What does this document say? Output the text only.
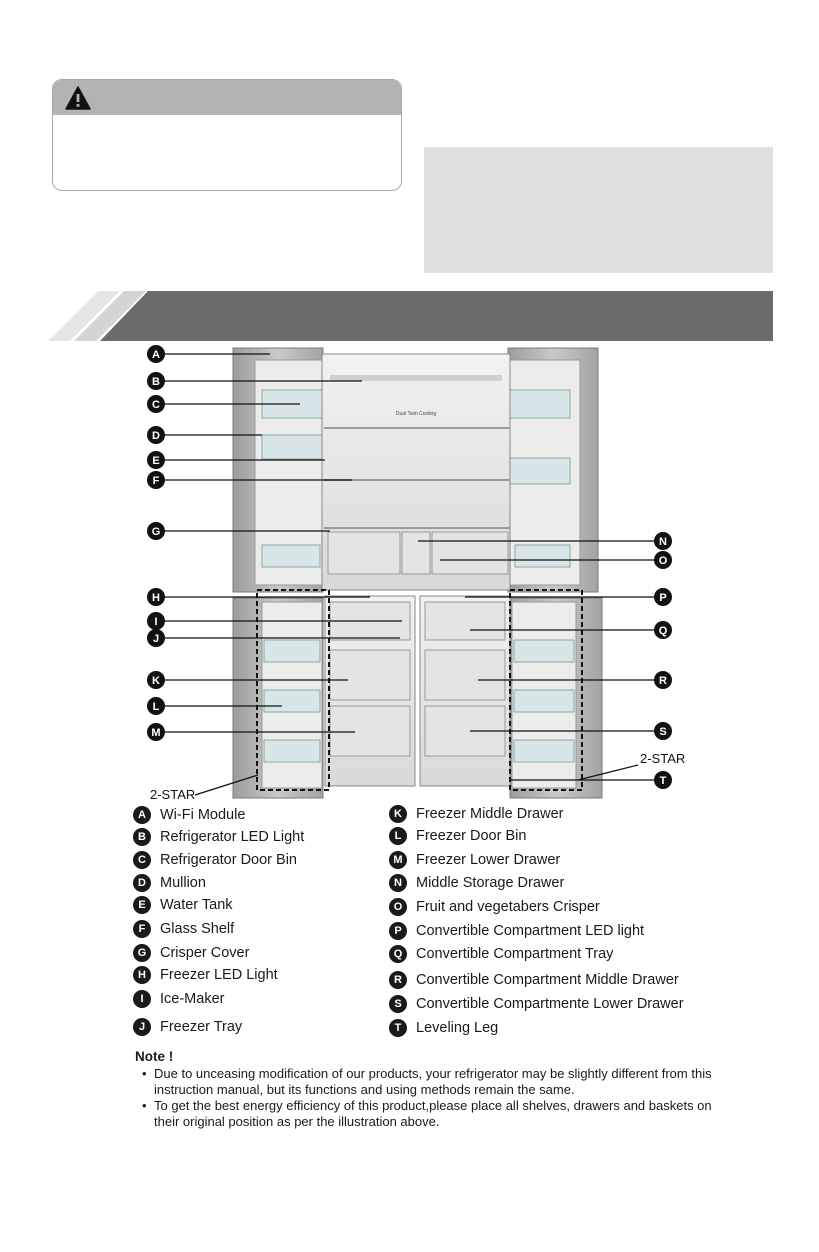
Dual Twin Cooling
A
B
C
D
E
F
G
H
I
J
K
L
M
N
O
P
Q
R
S
T
2-STAR
2-STAR
A Wi-Fi Module
B Refrigerator LED Light
C Refrigerator Door Bin
D Mullion
E Water Tank
F	Glass Shelf
G Crisper Cover
H Freezer LED Light
I	Ice-Maker
J	Freezer Tray
K Freezer Middle Drawer
L	Freezer Door Bin
M Freezer Lower Drawer
N Middle Storage Drawer
O Fruit and vegetabers Crisper
P Convertible Compartment LED light
Q Convertible Compartment Tray
R Convertible Compartment Middle Drawer
S Convertible Compartmente Lower Drawer
T	Leveling Leg
Note !
• Due to unceasing modification of our products, your refrigerator may be slightly different from this instruction manual, but its functions and using methods remain the same.
• To get the best energy efficiency of this product,please place all shelves, drawers and baskets on their original position as per the illustration above.
